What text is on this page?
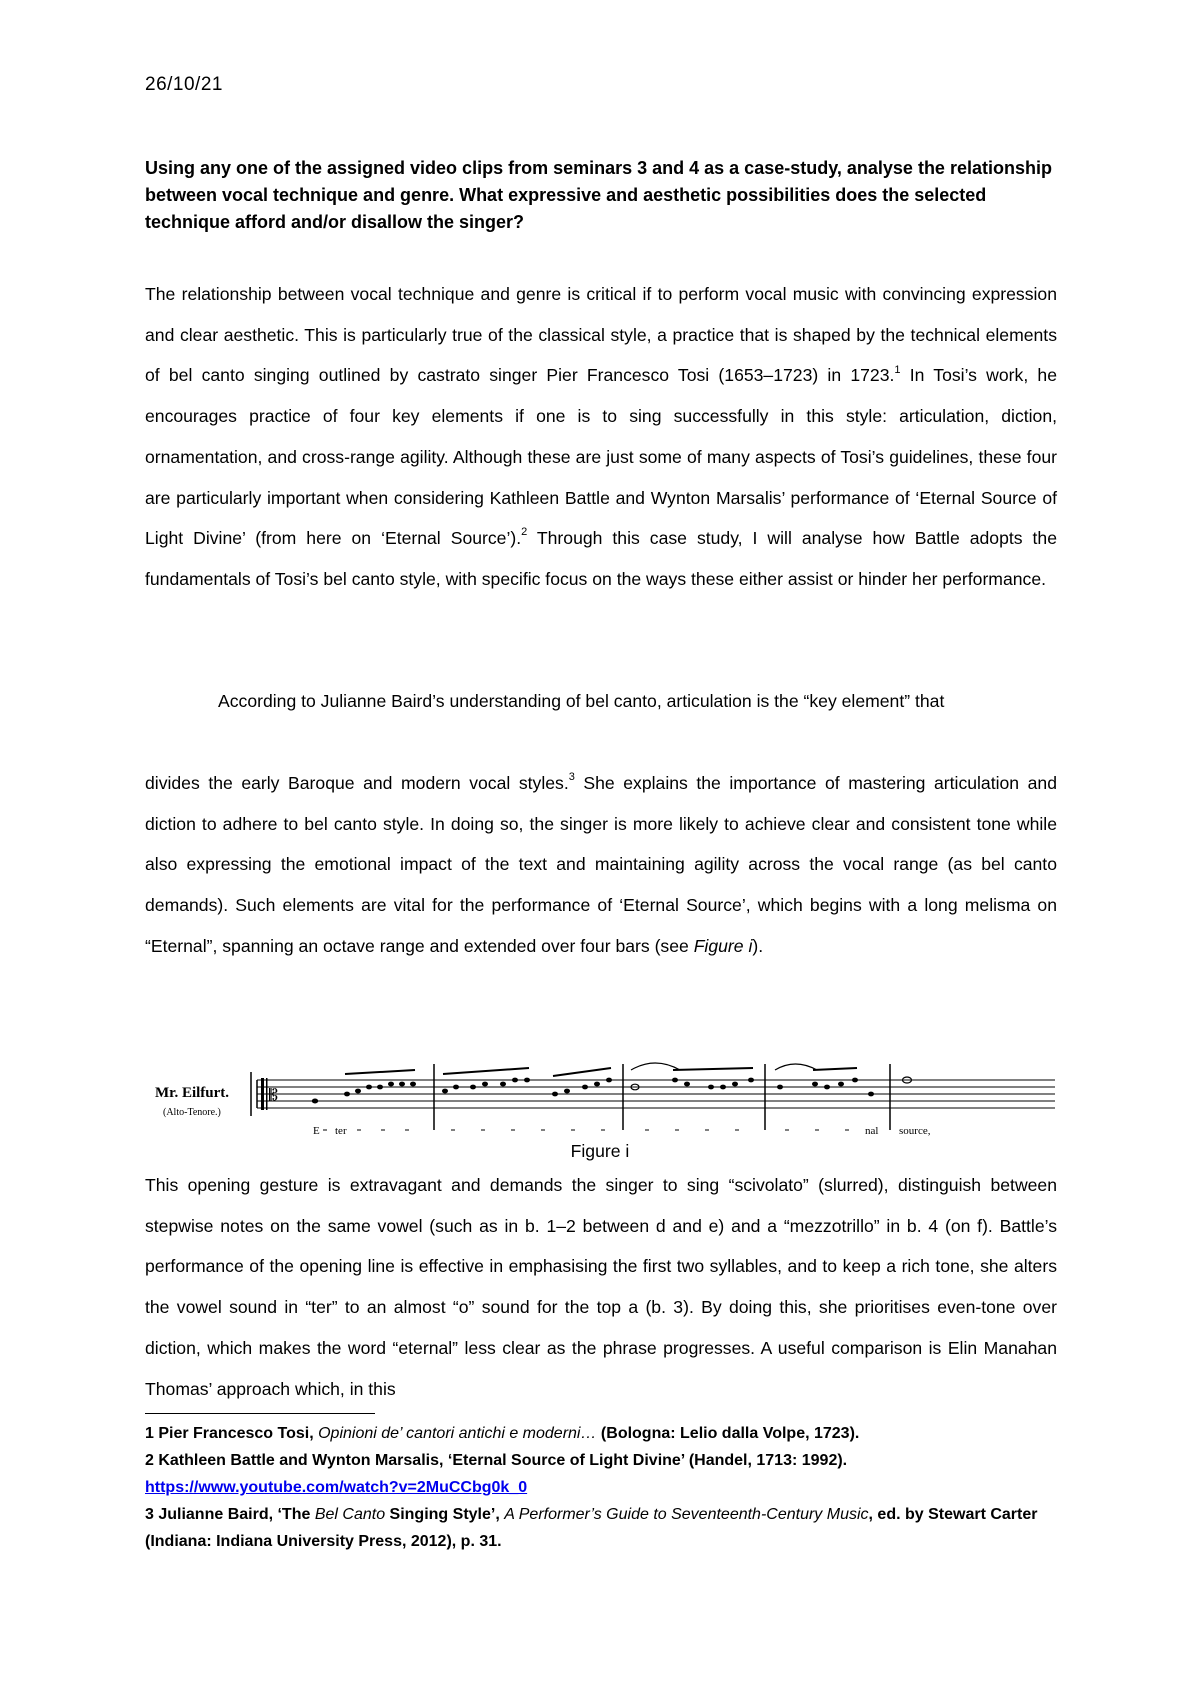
26/10/21
Using any one of the assigned video clips from seminars 3 and 4 as a case-study, analyse the relationship between vocal technique and genre. What expressive and aesthetic possibilities does the selected technique afford and/or disallow the singer?
The relationship between vocal technique and genre is critical if to perform vocal music with convincing expression and clear aesthetic. This is particularly true of the classical style, a practice that is shaped by the technical elements of bel canto singing outlined by castrato singer Pier Francesco Tosi (1653–1723) in 1723.$^1$ In Tosi’s work, he encourages practice of four key elements if one is to sing successfully in this style: articulation, diction, ornamentation, and cross-range agility. Although these are just some of many aspects of Tosi’s guidelines, these four are particularly important when considering Kathleen Battle and Wynton Marsalis’ performance of ‘Eternal Source of Light Divine’ (from here on ‘Eternal Source’).$^2$ Through this case study, I will analyse how Battle adopts the fundamentals of Tosi’s bel canto style, with specific focus on the ways these either assist or hinder her performance.
According to Julianne Baird’s understanding of bel canto, articulation is the “key element” that
divides the early Baroque and modern vocal styles.$^3$ She explains the importance of mastering articulation and diction to adhere to bel canto style. In doing so, the singer is more likely to achieve clear and consistent tone while also expressing the emotional impact of the text and maintaining agility across the vocal range (as bel canto demands). Such elements are vital for the performance of ‘Eternal Source’, which begins with a long melisma on “Eternal”, spanning an octave range and extended over four bars (see Figure i).
Mr. Eilfurt.
(Alto-Tenore.)
𝄡
E ter	nal source,
Figure i
This opening gesture is extravagant and demands the singer to sing “scivolato” (slurred), distinguish between stepwise notes on the same vowel (such as in b. 1–2 between d and e) and a “mezzotrillo” in b. 4 (on f). Battle’s performance of the opening line is effective in emphasising the first two syllables, and to keep a rich tone, she alters the vowel sound in “ter” to an almost “o” sound for the top a (b. 3). By doing this, she prioritises even-tone over diction, which makes the word “eternal” less clear as the phrase progresses. A useful comparison is Elin Manahan Thomas’ approach which, in this
1 Pier Francesco Tosi, Opinioni de’ cantori antichi e moderni… (Bologna: Lelio dalla Volpe, 1723).
2 Kathleen Battle and Wynton Marsalis, ‘Eternal Source of Light Divine’ (Handel, 1713: 1992).
https://www.youtube.com/watch?v=2MuCCbg0k_0
3 Julianne Baird, ‘The Bel Canto Singing Style’, A Performer’s Guide to Seventeenth-Century Music, ed. by Stewart Carter (Indiana: Indiana University Press, 2012), p. 31.
